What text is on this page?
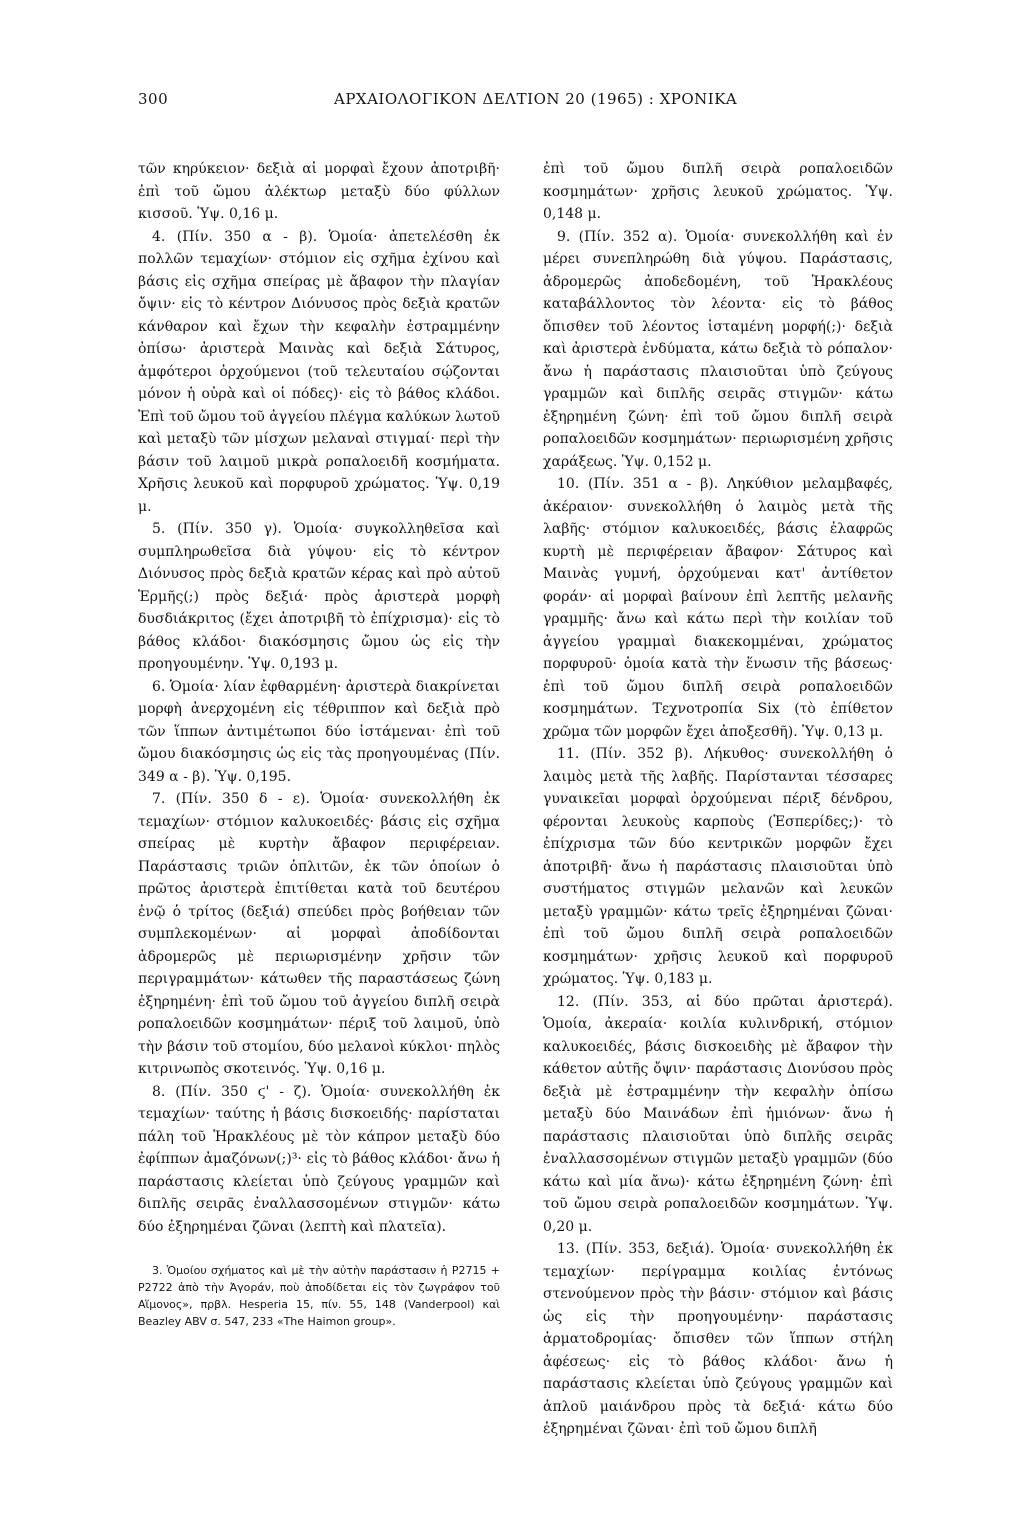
300	ΑΡΧΑΙΟΛΟΓΙΚΟΝ ΔΕΛΤΙΟΝ 20 (1965) : ΧΡΟΝΙΚΑ

τῶν κηρύκειον· δεξιὰ αἱ μορφαὶ ἔχουν ἀποτριβῆ· ἐπὶ τοῦ ὤμου ἀλέκτωρ μεταξὺ δύο φύλλων κισσοῦ. Ὑψ. 0,16 μ.

4. (Πίν. 350 α - β). Ὁμοία· ἀπετελέσθη ἐκ πολλῶν τεμαχίων· στόμιον εἰς σχῆμα ἐχίνου καὶ βάσις εἰς σχῆμα σπείρας μὲ ἄβαφον τὴν πλαγίαν ὄψιν· εἰς τὸ κέντρον Διόνυσος πρὸς δεξιὰ κρατῶν κάνθαρον καὶ ἔχων τὴν κεφαλὴν ἐστραμμένην ὀπίσω· ἀριστερὰ Μαινὰς καὶ δεξιὰ Σάτυρος, ἀμφότεροι ὀρχούμενοι (τοῦ τελευταίου σῴζονται μόνον ἡ οὐρὰ καὶ οἱ πόδες)· εἰς τὸ βάθος κλάδοι. Ἐπὶ τοῦ ὤμου τοῦ ἀγγείου πλέγμα καλύκων λωτοῦ καὶ μεταξὺ τῶν μίσχων μελαναὶ στιγμαί· περὶ τὴν βάσιν τοῦ λαιμοῦ μικρὰ ροπαλοειδῆ κοσμήματα. Χρῆσις λευκοῦ καὶ πορφυροῦ χρώματος. Ὑψ. 0,19 μ.

5. (Πίν. 350 γ). Ὁμοία· συγκολληθεῖσα καὶ συμπληρωθεῖσα διὰ γύψου· εἰς τὸ κέντρον Διόνυσος πρὸς δεξιὰ κρατῶν κέρας καὶ πρὸ αὐτοῦ Ἑρμῆς(;) πρὸς δεξιά· πρὸς ἀριστερὰ μορφὴ δυσδιάκριτος (ἔχει ἀποτριβῆ τὸ ἐπίχρισμα)· εἰς τὸ βάθος κλάδοι· διακόσμησις ὤμου ὡς εἰς τὴν προηγουμένην. Ὑψ. 0,193 μ.

6. Ὁμοία· λίαν ἐφθαρμένη· ἀριστερὰ διακρίνεται μορφὴ ἀνερχομένη εἰς τέθριππον καὶ δεξιὰ πρὸ τῶν ἵππων ἀντιμέτωποι δύο ἱστάμεναι· ἐπὶ τοῦ ὤμου διακόσμησις ὡς εἰς τὰς προηγουμένας (Πίν. 349 α - β). Ὑψ. 0,195.

7. (Πίν. 350 δ - ε). Ὁμοία· συνεκολλήθη ἐκ τεμαχίων· στόμιον καλυκοειδές· βάσις εἰς σχῆμα σπείρας μὲ κυρτὴν ἄβαφον περιφέρειαν. Παράστασις τριῶν ὁπλιτῶν, ἐκ τῶν ὁποίων ὁ πρῶτος ἀριστερὰ ἐπιτίθεται κατὰ τοῦ δευτέρου ἐνῷ ὁ τρίτος (δεξιά) σπεύδει πρὸς βοήθειαν τῶν συμπλεκομένων· αἱ μορφαὶ ἀποδίδονται ἀδρομερῶς μὲ περιωρισμένην χρῆσιν τῶν περιγραμμάτων· κάτωθεν τῆς παραστάσεως ζώνη ἐξηρημένη· ἐπὶ τοῦ ὤμου τοῦ ἀγγείου διπλῆ σειρὰ ροπαλοειδῶν κοσμημάτων· πέριξ τοῦ λαιμοῦ, ὑπὸ τὴν βάσιν τοῦ στομίου, δύο μελανοὶ κύκλοι· πηλὸς κιτρινωπὸς σκοτεινός. Ὑψ. 0,16 μ.

8. (Πίν. 350 ϛ' - ζ). Ὁμοία· συνεκολλήθη ἐκ τεμαχίων· ταύτης ἡ βάσις δισκοειδής· παρίσταται πάλη τοῦ Ἡρακλέους μὲ τὸν κάπρον μεταξὺ δύο ἐφίππων ἀμαζόνων(;)³· εἰς τὸ βάθος κλάδοι· ἄνω ἡ παράστασις κλείεται ὑπὸ ζεύγους γραμμῶν καὶ διπλῆς σειρᾶς ἐναλλασσομένων στιγμῶν· κάτω δύο ἐξηρημέναι ζῶναι (λεπτὴ καὶ πλατεῖα).

3. Ὁμοίου σχήματος καὶ μὲ τὴν αὐτὴν παράστασιν ἡ P2715 + P2722 ἀπὸ τὴν Ἀγοράν, ποὺ ἀποδίδεται εἰς τὸν ζωγράφον τοῦ Αἵμονος», πρβλ. Hesperia 15, πίν. 55, 148 (Vanderpool) καὶ Beazley ABV σ. 547, 233 «The Haimon group».

ἐπὶ τοῦ ὤμου διπλῆ σειρὰ ροπαλοειδῶν κοσμημάτων· χρῆσις λευκοῦ χρώματος. Ὑψ. 0,148 μ.

9. (Πίν. 352 α). Ὁμοία· συνεκολλήθη καὶ ἐν μέρει συνεπληρώθη διὰ γύψου. Παράστασις, ἀδρομερῶς ἀποδεδομένη, τοῦ Ἡρακλέους καταβάλλοντος τὸν λέοντα· εἰς τὸ βάθος ὄπισθεν τοῦ λέοντος ἱσταμένη μορφή(;)· δεξιὰ καὶ ἀριστερὰ ἐνδύματα, κάτω δεξιὰ τὸ ρόπαλον· ἄνω ἡ παράστασις πλαισιοῦται ὑπὸ ζεύγους γραμμῶν καὶ διπλῆς σειρᾶς στιγμῶν· κάτω ἐξηρημένη ζώνη· ἐπὶ τοῦ ὤμου διπλῆ σειρὰ ροπαλοειδῶν κοσμημάτων· περιωρισμένη χρῆσις χαράξεως. Ὑψ. 0,152 μ.

10. (Πίν. 351 α - β). Ληκύθιον μελαμβαφές, ἀκέραιον· συνεκολλήθη ὁ λαιμὸς μετὰ τῆς λαβῆς· στόμιον καλυκοειδές, βάσις ἐλαφρῶς κυρτὴ μὲ περιφέρειαν ἄβαφον· Σάτυρος καὶ Μαινὰς γυμνή, ὀρχούμεναι κατ' ἀντίθετον φοράν· αἱ μορφαὶ βαίνουν ἐπὶ λεπτῆς μελανῆς γραμμῆς· ἄνω καὶ κάτω περὶ τὴν κοιλίαν τοῦ ἀγγείου γραμμαὶ διακεκομμέναι, χρώματος πορφυροῦ· ὁμοία κατὰ τὴν ἕνωσιν τῆς βάσεως· ἐπὶ τοῦ ὤμου διπλῆ σειρὰ ροπαλοειδῶν κοσμημάτων. Τεχνοτροπία Six (τὸ ἐπίθετον χρῶμα τῶν μορφῶν ἔχει ἀποξεσθῆ). Ὑψ. 0,13 μ.

11. (Πίν. 352 β). Λήκυθος· συνεκολλήθη ὁ λαιμὸς μετὰ τῆς λαβῆς. Παρίστανται τέσσαρες γυναικεῖαι μορφαὶ ὀρχούμεναι πέριξ δένδρου, φέρονται λευκοὺς καρποὺς (Ἑσπερίδες;)· τὸ ἐπίχρισμα τῶν δύο κεντρικῶν μορφῶν ἔχει ἀποτριβῆ· ἄνω ἡ παράστασις πλαισιοῦται ὑπὸ συστήματος στιγμῶν μελανῶν καὶ λευκῶν μεταξὺ γραμμῶν· κάτω τρεῖς ἐξηρημέναι ζῶναι· ἐπὶ τοῦ ὤμου διπλῆ σειρὰ ροπαλοειδῶν κοσμημάτων· χρῆσις λευκοῦ καὶ πορφυροῦ χρώματος. Ὑψ. 0,183 μ.

12. (Πίν. 353, αἱ δύο πρῶται ἀριστερά). Ὁμοία, ἀκεραία· κοιλία κυλινδρική, στόμιον καλυκοειδές, βάσις δισκοειδὴς μὲ ἄβαφον τὴν κάθετον αὐτῆς ὄψιν· παράστασις Διονύσου πρὸς δεξιὰ μὲ ἐστραμμένην τὴν κεφαλὴν ὀπίσω μεταξὺ δύο Μαινάδων ἐπὶ ἡμιόνων· ἄνω ἡ παράστασις πλαισιοῦται ὑπὸ διπλῆς σειρᾶς ἐναλλασσομένων στιγμῶν μεταξὺ γραμμῶν (δύο κάτω καὶ μία ἄνω)· κάτω ἐξηρημένη ζώνη· ἐπὶ τοῦ ὤμου σειρὰ ροπαλοειδῶν κοσμημάτων. Ὑψ. 0,20 μ.

13. (Πίν. 353, δεξιά). Ὁμοία· συνεκολλήθη ἐκ τεμαχίων· περίγραμμα κοιλίας ἐντόνως στενούμενον πρὸς τὴν βάσιν· στόμιον καὶ βάσις ὡς εἰς τὴν προηγουμένην· παράστασις ἁρματοδρομίας· ὄπισθεν τῶν ἵππων στήλη ἀφέσεως· εἰς τὸ βάθος κλάδοι· ἄνω ἡ παράστασις κλείεται ὑπὸ ζεύγους γραμμῶν καὶ ἁπλοῦ μαιάνδρου πρὸς τὰ δεξιά· κάτω δύο ἐξηρημέναι ζῶναι· ἐπὶ τοῦ ὤμου διπλῆ
